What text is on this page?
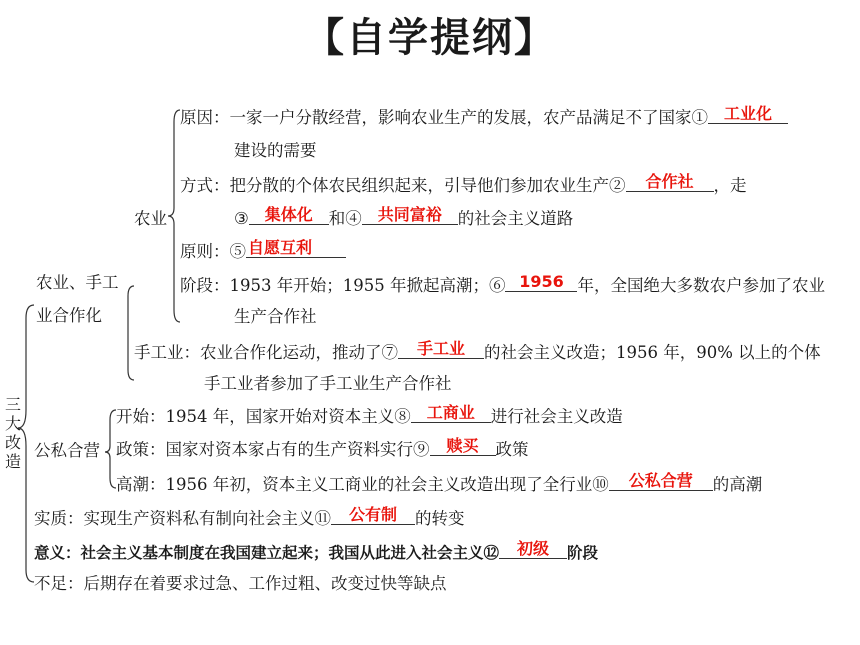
【自学提纲】
三大改造
农业、手工
业合作化
农业
原因：一家一户分散经营，影响农业生产的发展，农产品满足不了国家① 工业化
建设的需要
方式：把分散的个体农民组织起来，引导他们参加农业生产② 合作社 ，走
③ 集体化 和④ 共同富裕 的社会主义道路
原则：⑤ 自愿互利
阶段：1953 年开始；1955 年掀起高潮；⑥ 1956 年，全国绝大多数农户参加了农业
生产合作社
手工业：农业合作化运动，推动了⑦ 手工业 的社会主义改造；1956 年，90% 以上的个体
手工业者参加了手工业生产合作社
公私合营
开始：1954 年，国家开始对资本主义⑧ 工商业 进行社会主义改造
政策：国家对资本家占有的生产资料实行⑨ 赎买 政策
高潮：1956 年初，资本主义工商业的社会主义改造出现了全行业⑩ 公私合营 的高潮
实质：实现生产资料私有制向社会主义⑪ 公有制 的转变
意义：社会主义基本制度在我国建立起来；我国从此进入社会主义⑫ 初级 阶段
不足：后期存在着要求过急、工作过粗、改变过快等缺点
